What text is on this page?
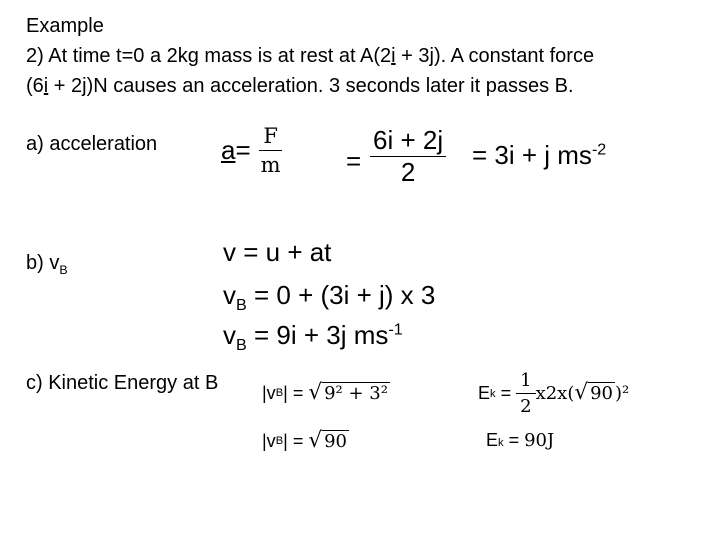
Example
2) At time t=0 a 2kg mass is at rest at A(2i + 3j). A constant force
(6i + 2j)N causes an acceleration. 3 seconds later it passes B.
a) acceleration $a = \frac{F}{m} = \frac{6i + 2j}{2} = 3i + j$ $ms^{-2}$
b) $v_B$
v = u + at
$v_B = 0 + (3i + j)$ x 3
$v_B = 9i + 3j$ $ms^{-1}$
c) Kinetic Energy at B |v B | = √ 9² + 3²
|v B | = √ 90
E $k = \frac{1}{2} x2x$( √ 90 )²
E k = 90J
